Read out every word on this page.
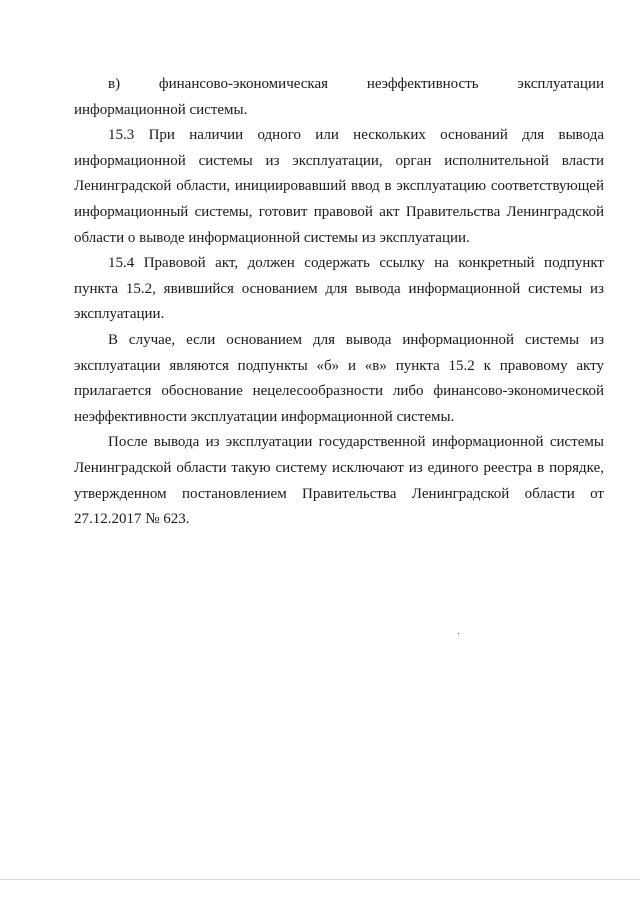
в) финансово-экономическая неэффективность эксплуатации информационной системы.

15.3 При наличии одного или нескольких оснований для вывода информационной системы из эксплуатации, орган исполнительной власти Ленинградской области, инициировавший ввод в эксплуатацию соответствующей информационный системы, готовит правовой акт Правительства Ленинградской области о выводе информационной системы из эксплуатации.

15.4 Правовой акт, должен содержать ссылку на конкретный подпункт пункта 15.2, явившийся основанием для вывода информационной системы из эксплуатации.

В случае, если основанием для вывода информационной системы из эксплуатации являются подпункты «б» и «в» пункта 15.2 к правовому акту прилагается обоснование нецелесообразности либо финансово-экономической неэффективности эксплуатации информационной системы.

После вывода из эксплуатации государственной информационной системы Ленинградской области такую систему исключают из единого реестра в порядке, утвержденном постановлением Правительства Ленинградской области от 27.12.2017 № 623.
